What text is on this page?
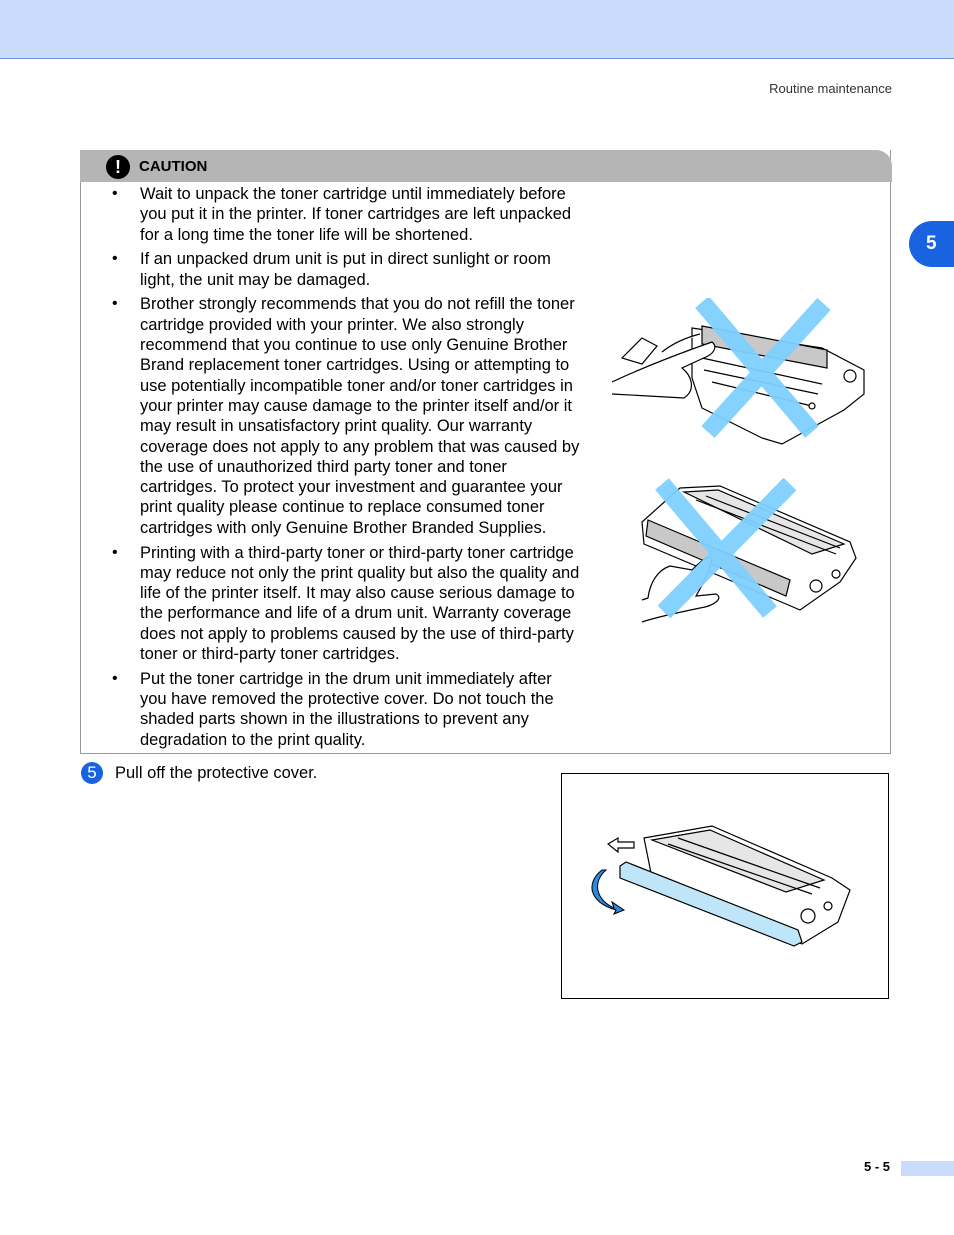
Routine maintenance
5
!	CAUTION
• Wait to unpack the toner cartridge until immediately before you put it in the printer. If toner cartridges are left unpacked for a long time the toner life will be shortened.
• If an unpacked drum unit is put in direct sunlight or room light, the unit may be damaged.
• Brother strongly recommends that you do not refill the toner cartridge provided with your printer. We also strongly recommend that you continue to use only Genuine Brother Brand replacement toner cartridges. Using or attempting to use potentially incompatible toner and/or toner cartridges in your printer may cause damage to the printer itself and/or it may result in unsatisfactory print quality. Our warranty coverage does not apply to any problem that was caused by the use of unauthorized third party toner and toner cartridges. To protect your investment and guarantee your print quality please continue to replace consumed toner cartridges with only Genuine Brother Branded Supplies.
• Printing with a third-party toner or third-party toner cartridge may reduce not only the print quality but also the quality and life of the printer itself. It may also cause serious damage to the performance and life of a drum unit. Warranty coverage does not apply to problems caused by the use of third-party toner or third-party toner cartridges.
• Put the toner cartridge in the drum unit immediately after you have removed the protective cover. Do not touch the shaded parts shown in the illustrations to prevent any degradation to the print quality.
5	Pull off the protective cover.
5 - 5
